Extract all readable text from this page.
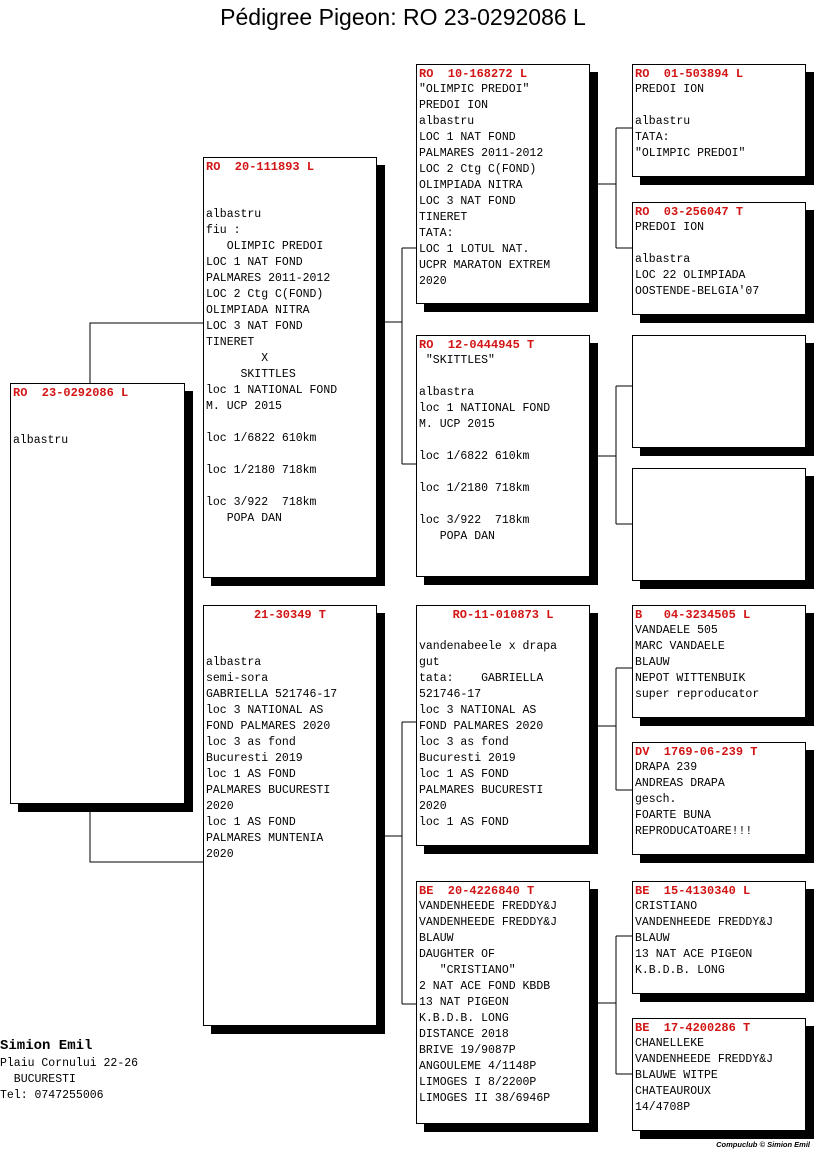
Pédigree Pigeon: RO 23-0292086 L
RO  23-0292086 L
albastru
RO  20-111893 L
albastru
fiu :
OLIMPIC PREDOI
LOC 1 NAT FOND
PALMARES 2011-2012
LOC 2 Ctg C(FOND)
OLIMPIADA NITRA
LOC 3 NAT FOND
TINERET
X
SKITTLES
loc 1 NATIONAL FOND
M. UCP 2015
loc 1/6822 610km
loc 1/2180 718km
loc 3/922  718km
POPA DAN
21-30349 T
albastra
semi-sora
GABRIELLA 521746-17
loc 3 NATIONAL AS
FOND PALMARES 2020
loc 3 as fond
Bucuresti 2019
loc 1 AS FOND
PALMARES BUCURESTI
2020
loc 1 AS FOND
PALMARES MUNTENIA
2020
RO  10-168272 L
"OLIMPIC PREDOI"
PREDOI ION
albastru
LOC 1 NAT FOND
PALMARES 2011-2012
LOC 2 Ctg C(FOND)
OLIMPIADA NITRA
LOC 3 NAT FOND
TINERET
TATA:
LOC 1 LOTUL NAT.
UCPR MARATON EXTREM
2020
RO  12-0444945 T
"SKITTLES"
albastra
loc 1 NATIONAL FOND
M. UCP 2015
loc 1/6822 610km
loc 1/2180 718km
loc 3/922  718km
POPA DAN
RO-11-010873 L
vandenabeele x drapa
gut
tata:    GABRIELLA
521746-17
loc 3 NATIONAL AS
FOND PALMARES 2020
loc 3 as fond
Bucuresti 2019
loc 1 AS FOND
PALMARES BUCURESTI
2020
loc 1 AS FOND
BE  20-4226840 T
VANDENHEEDE FREDDY&J
VANDENHEEDE FREDDY&J
BLAUW
DAUGHTER OF
"CRISTIANO"
2 NAT ACE FOND KBDB
13 NAT PIGEON
K.B.D.B. LONG
DISTANCE 2018
BRIVE 19/9087P
ANGOULEME 4/1148P
LIMOGES I 8/2200P
LIMOGES II 38/6946P
RO  01-503894 L
PREDOI ION
albastru
TATA:
"OLIMPIC PREDOI"
RO  03-256047 T
PREDOI ION
albastra
LOC 22 OLIMPIADA
OOSTENDE-BELGIA'07
B   04-3234505 L
VANDAELE 505
MARC VANDAELE
BLAUW
NEPOT WITTENBUIK
super reproducator
DV  1769-06-239 T
DRAPA 239
ANDREAS DRAPA
gesch.
FOARTE BUNA
REPRODUCATOARE!!!
BE  15-4130340 L
CRISTIANO
VANDENHEEDE FREDDY&J
BLAUW
13 NAT ACE PIGEON
K.B.D.B. LONG
BE  17-4200286 T
CHANELLEKE
VANDENHEEDE FREDDY&J
BLAUWE WITPE
CHATEAUROUX
14/4708P
Simion Emil
Plaiu Cornului 22-26
BUCURESTI
Tel: 0747255006
Compuclub © Simion Emil
